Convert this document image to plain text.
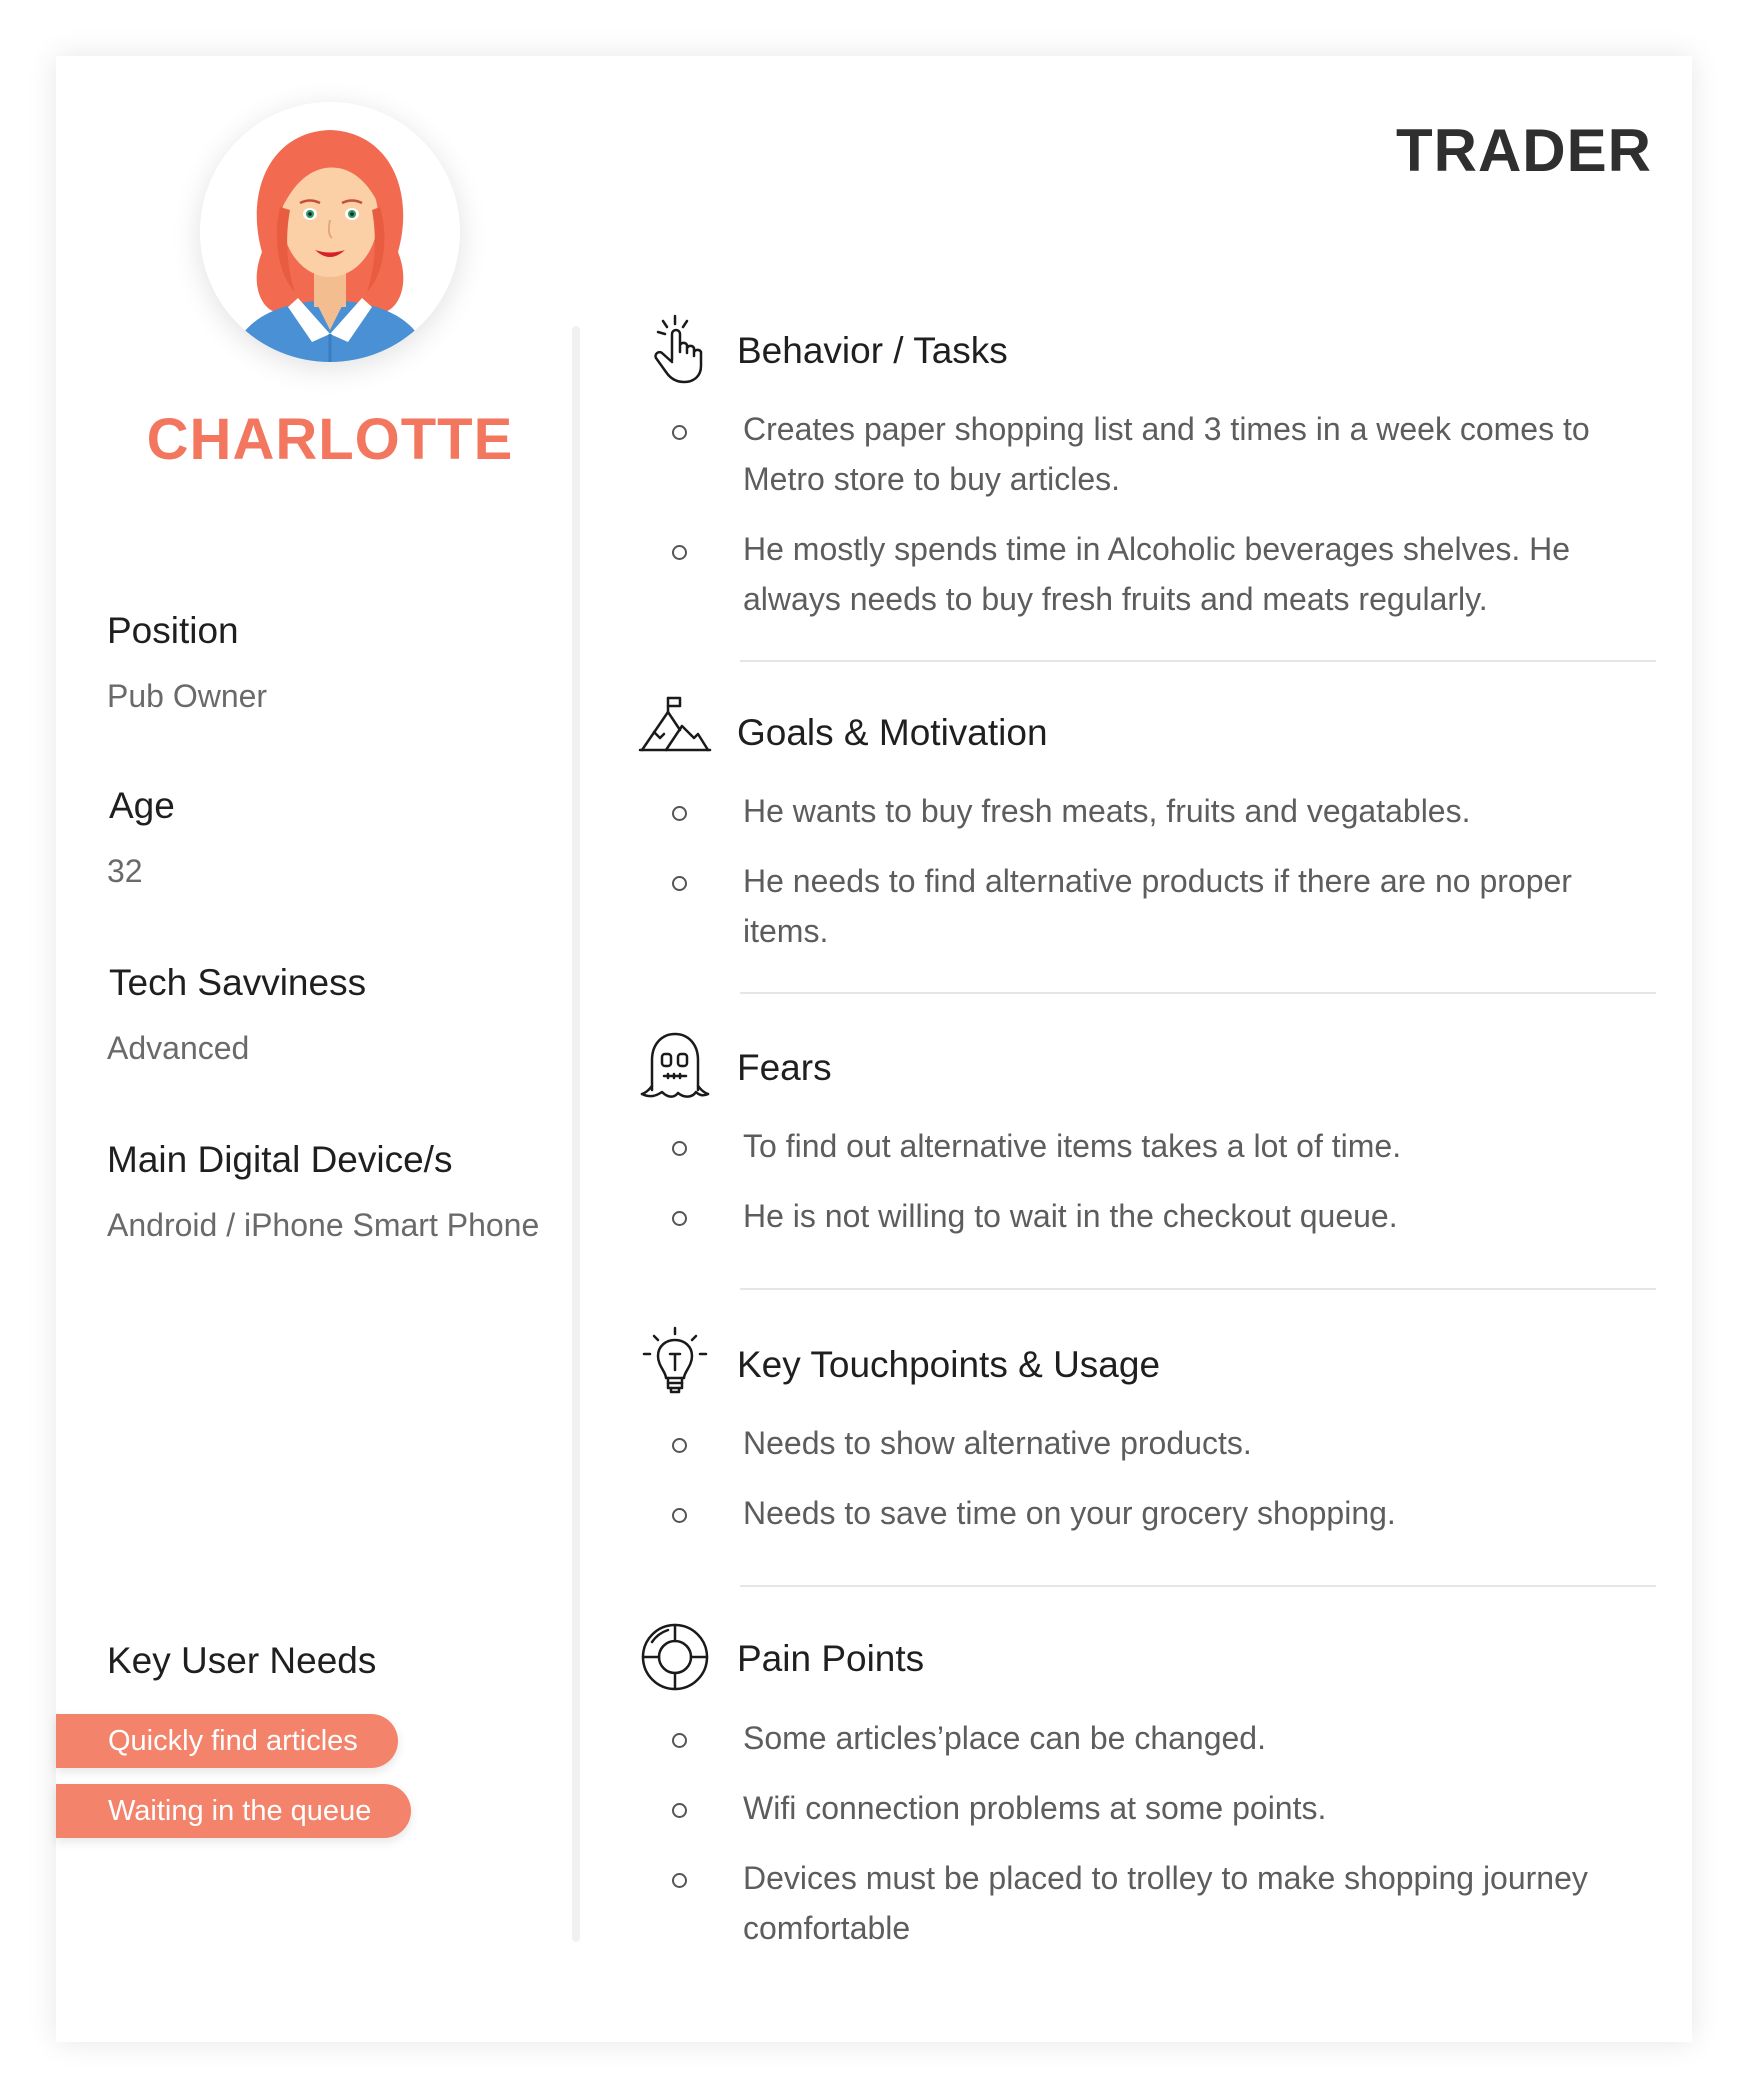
TRADER
CHARLOTTE

Position

Pub Owner

Age

32

Tech Savviness

Advanced

Main Digital Device/s

Android / iPhone Smart Phone

Key User Needs

Quickly find articles
Waiting in the queue

Behavior / Tasks

Creates paper shopping list and 3 times in a week comes to Metro store to buy articles.

He mostly spends time in Alcoholic beverages shelves. He always needs to buy fresh fruits and meats regularly.

Goals & Motivation

He wants to buy fresh meats, fruits and vegatables.

He needs to find alternative products if there are no proper items.

Fears

To find out alternative items takes a lot of time.

He is not willing to wait in the checkout queue.

Key Touchpoints & Usage

Needs to show alternative products.

Needs to save time on your grocery shopping.

Pain Points

Some articles’place can be changed.

Wifi connection problems at some points.

Devices must be placed to trolley to make shopping journey comfortable
